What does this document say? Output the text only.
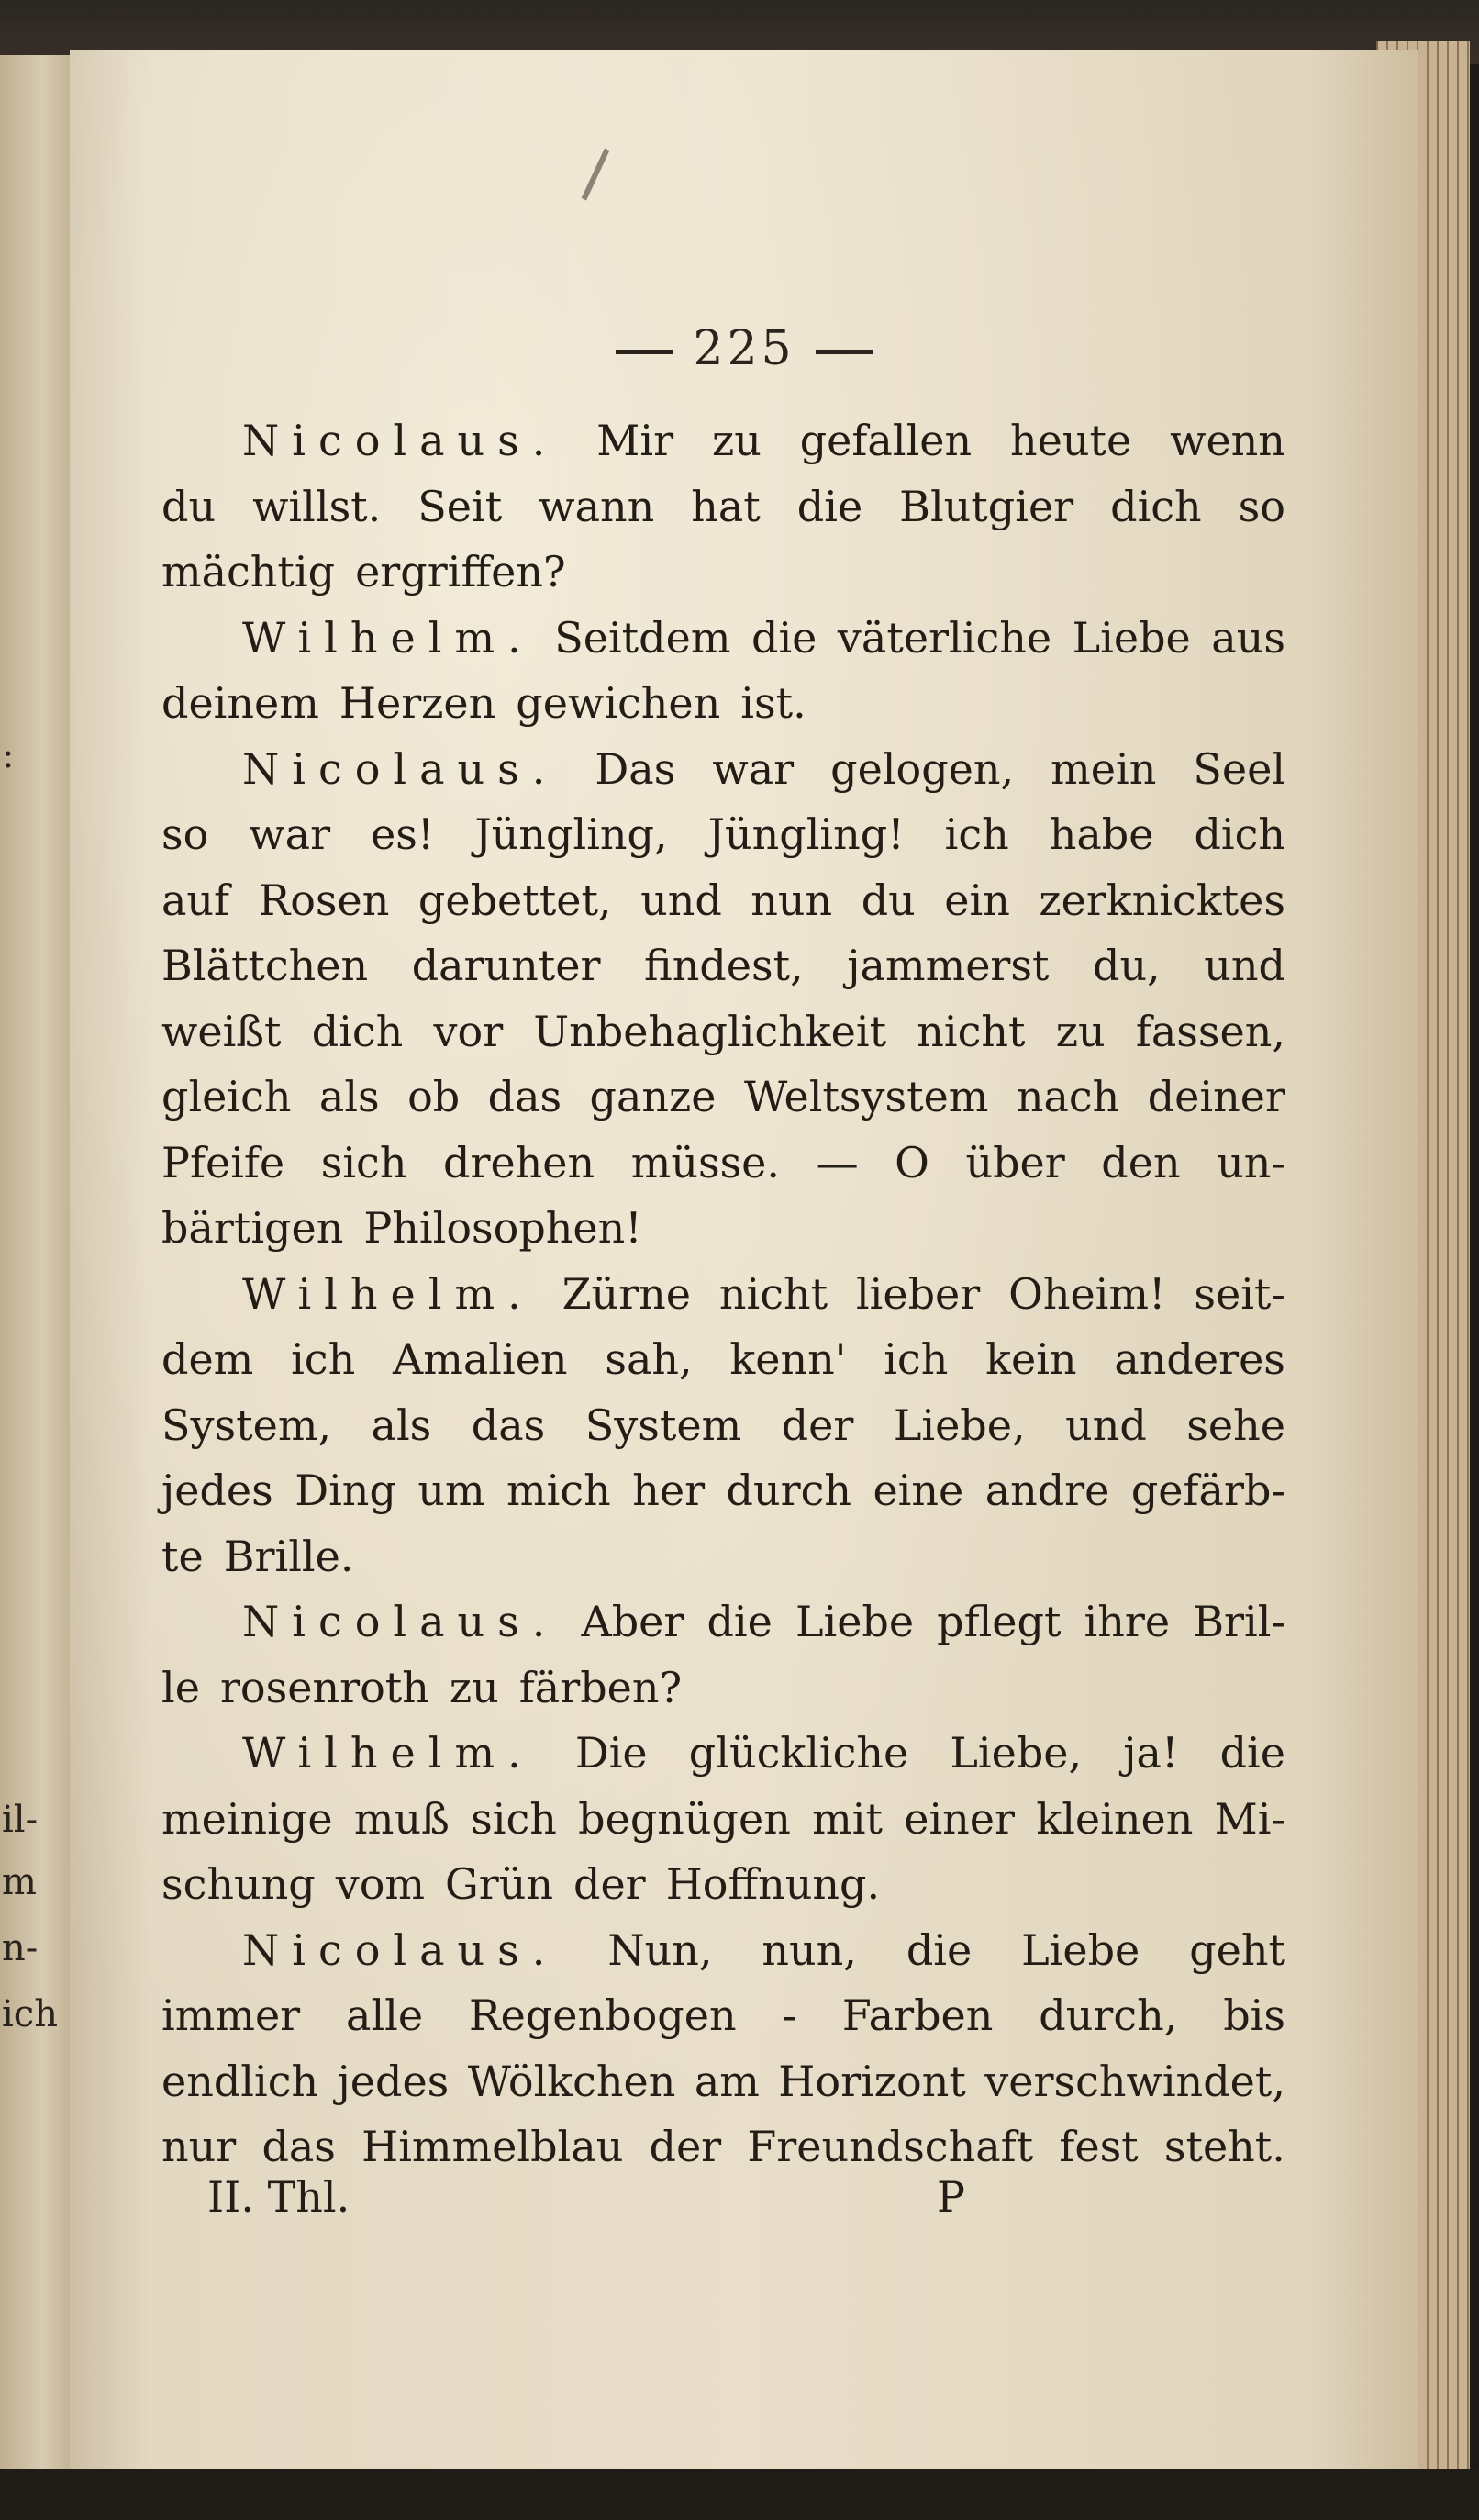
:
il-
m
n-
ich
225
Nicolaus. Mir zu gefallen heute wenn
du willst. Seit wann hat die Blutgier dich so
mächtig ergriffen?
Wilhelm. Seitdem die väterliche Liebe aus
deinem Herzen gewichen ist.
Nicolaus. Das war gelogen, mein Seel
so war es! Jüngling, Jüngling! ich habe dich
auf Rosen gebettet, und nun du ein zerknicktes
Blättchen darunter findest, jammerst du, und
weißt dich vor Unbehaglichkeit nicht zu fassen,
gleich als ob das ganze Weltsystem nach deiner
Pfeife sich drehen müsse. — O über den un-
bärtigen Philosophen!
Wilhelm. Zürne nicht lieber Oheim! seit-
dem ich Amalien sah, kenn' ich kein anderes
System, als das System der Liebe, und sehe
jedes Ding um mich her durch eine andre gefärb-
te Brille.
Nicolaus. Aber die Liebe pflegt ihre Bril-
le rosenroth zu färben?
Wilhelm. Die glückliche Liebe, ja! die
meinige muß sich begnügen mit einer kleinen Mi-
schung vom Grün der Hoffnung.
Nicolaus. Nun, nun, die Liebe geht
immer alle Regenbogen - Farben durch, bis
endlich jedes Wölkchen am Horizont verschwindet,
nur das Himmelblau der Freundschaft fest steht.
II. Thl.	P
